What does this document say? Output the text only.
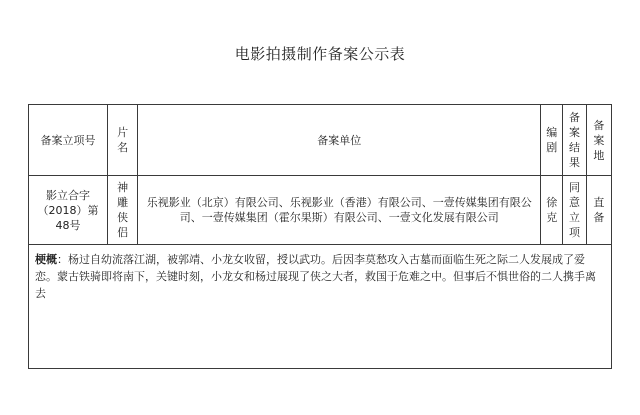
电影拍摄制作备案公示表
备案立项号	片名	备案单位	编剧	备案结果	备案地
影立合字（2018）第48号	神雕侠侣	乐视影业（北京）有限公司、乐视影业（香港）有限公司、一壹传媒集团有限公司、一壹传媒集团（霍尔果斯）有限公司、一壹文化发展有限公司	徐克	同意立项	直备

梗概：杨过自幼流落江湖，被郭靖、小龙女收留，授以武功。后因李莫愁攻入古墓而面临生死之际二人发展成了爱恋。蒙古铁骑即将南下，关键时刻，小龙女和杨过展现了侠之大者，救国于危难之中。但事后不惧世俗的二人携手离去					
